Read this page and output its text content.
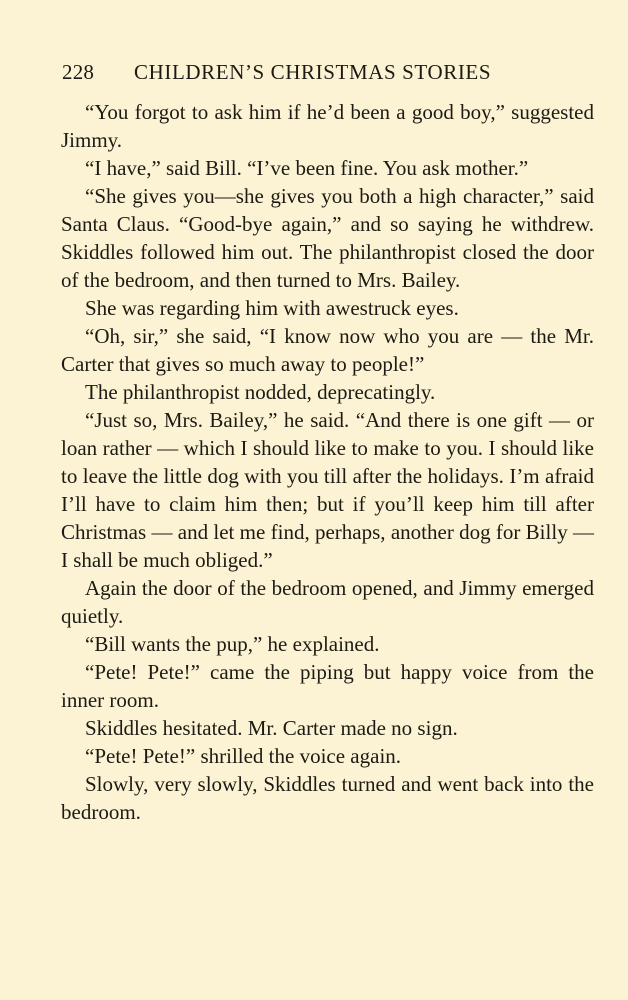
228 CHILDREN’S CHRISTMAS STORIES

“You forgot to ask him if he’d been a good boy,” suggested Jimmy.

“I have,” said Bill. “I’ve been fine. You ask mother.”

“She gives you—she gives you both a high character,” said Santa Claus. “Good-bye again,” and so saying he withdrew. Skiddles followed him out. The philanthropist closed the door of the bedroom, and then turned to Mrs. Bailey.

She was regarding him with awestruck eyes.

“Oh, sir,” she said, “I know now who you are — the Mr. Carter that gives so much away to people!”

The philanthropist nodded, deprecatingly.

“Just so, Mrs. Bailey,” he said. “And there is one gift — or loan rather — which I should like to make to you. I should like to leave the little dog with you till after the holidays. I’m afraid I’ll have to claim him then; but if you’ll keep him till after Christmas — and let me find, perhaps, another dog for Billy — I shall be much obliged.”

Again the door of the bedroom opened, and Jimmy emerged quietly.

“Bill wants the pup,” he explained.

“Pete! Pete!” came the piping but happy voice from the inner room.

Skiddles hesitated. Mr. Carter made no sign.

“Pete! Pete!” shrilled the voice again.

Slowly, very slowly, Skiddles turned and went back into the bedroom.
